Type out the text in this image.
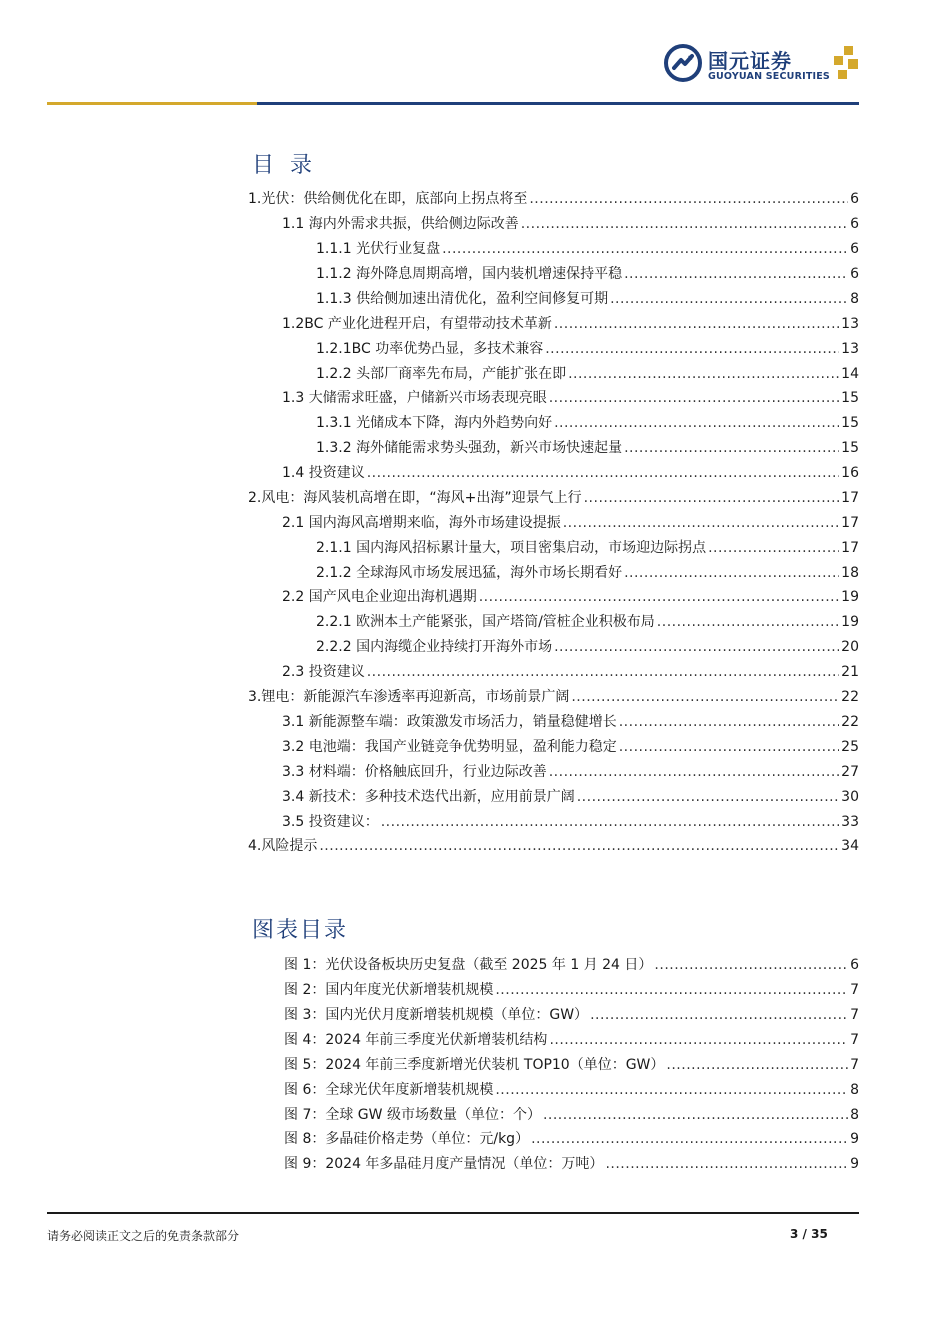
国元证券
GUOYUAN SECURITIES
目录
1.光伏：供给侧优化在即，底部向上拐点将至 .....	6
1.1 海内外需求共振，供给侧边际改善 .....	6
1.1.1 光伏行业复盘 .....	6
1.1.2 海外降息周期高增，国内装机增速保持平稳 .....	6
1.1.3 供给侧加速出清优化，盈利空间修复可期 .....	8
1.2BC 产业化进程开启，有望带动技术革新 .....	13
1.2.1BC 功率优势凸显，多技术兼容 .....	13
1.2.2 头部厂商率先布局，产能扩张在即 .....	14
1.3 大储需求旺盛，户储新兴市场表现亮眼 .....	15
1.3.1 光储成本下降，海内外趋势向好 .....	15
1.3.2 海外储能需求势头强劲，新兴市场快速起量 .....	15
1.4 投资建议 .....	16
2.风电：海风装机高增在即，“海风+出海”迎景气上行 .....	17
2.1 国内海风高增期来临，海外市场建设提振 .....	17
2.1.1 国内海风招标累计量大，项目密集启动，市场迎边际拐点 .....	17
2.1.2 全球海风市场发展迅猛，海外市场长期看好 .....	18
2.2 国产风电企业迎出海机遇期 .....	19
2.2.1 欧洲本土产能紧张，国产塔筒/管桩企业积极布局 .....	19
2.2.2 国内海缆企业持续打开海外市场 .....	20
2.3 投资建议 .....	21
3.锂电：新能源汽车渗透率再迎新高，市场前景广阔 .....	22
3.1 新能源整车端：政策激发市场活力，销量稳健增长 .....	22
3.2 电池端：我国产业链竞争优势明显，盈利能力稳定 .....	25
3.3 材料端：价格触底回升，行业边际改善 .....	27
3.4 新技术：多种技术迭代出新，应用前景广阔 .....	30
3.5 投资建议： .....	33
4.风险提示 .....	34
图表目录
图 1：光伏设备板块历史复盘（截至 2025 年 1 月 24 日） .....	6
图 2：国内年度光伏新增装机规模 .....	7
图 3：国内光伏月度新增装机规模（单位：GW） .....	7
图 4：2024 年前三季度光伏新增装机结构 .....	7
图 5：2024 年前三季度新增光伏装机 TOP10（单位：GW） .....	7
图 6：全球光伏年度新增装机规模 .....	8
图 7：全球 GW 级市场数量（单位：个） .....	8
图 8：多晶硅价格走势（单位：元/kg） .....	9
图 9：2024 年多晶硅月度产量情况（单位：万吨） .....	9
请务必阅读正文之后的免责条款部分	3 / 35
